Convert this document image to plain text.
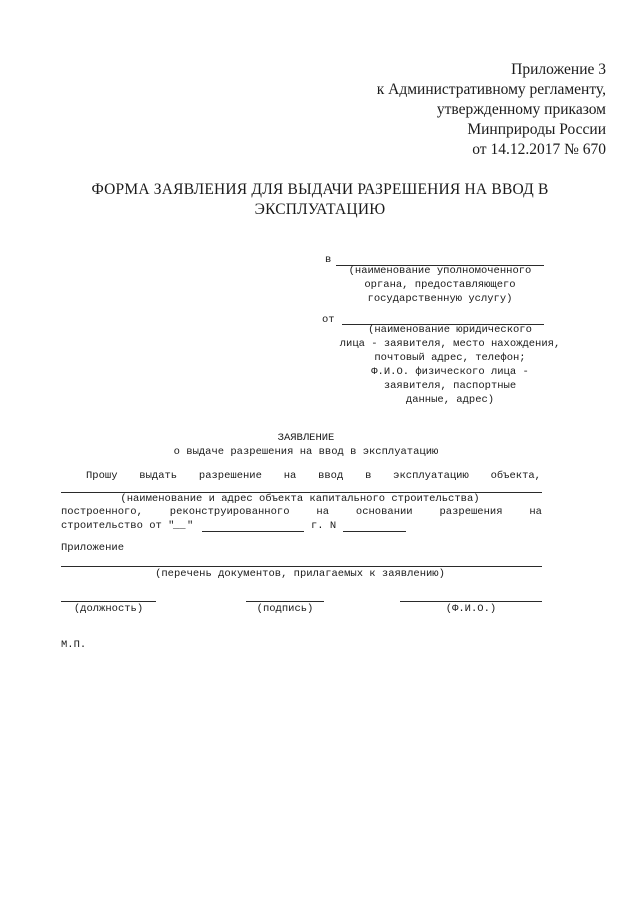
Приложение 3
к Административному регламенту,
утвержденному приказом
Минприроды России
от 14.12.2017 № 670
ФОРМА ЗАЯВЛЕНИЯ ДЛЯ ВЫДАЧИ РАЗРЕШЕНИЯ НА ВВОД В
ЭКСПЛУАТАЦИЮ
в
(наименование уполномоченного
органа, предоставляющего
государственную услугу)
от
(наименование юридического
лица - заявителя, место нахождения,
почтовый адрес, телефон;
Ф.И.О. физического лица -
заявителя, паспортные
данные, адрес)
ЗАЯВЛЕНИЕ
о выдаче разрешения на ввод в эксплуатацию
Прошу выдать разрешение на ввод в эксплуатацию объекта,
(наименование и адрес объекта капитального строительства)
построенного,	реконструированного	на	основании	разрешения	на
строительство от "
__ "	г. N
Приложение
(перечень документов, прилагаемых к заявлению)
(должность)	(подпись)	(Ф.И.О.)
М.П.
